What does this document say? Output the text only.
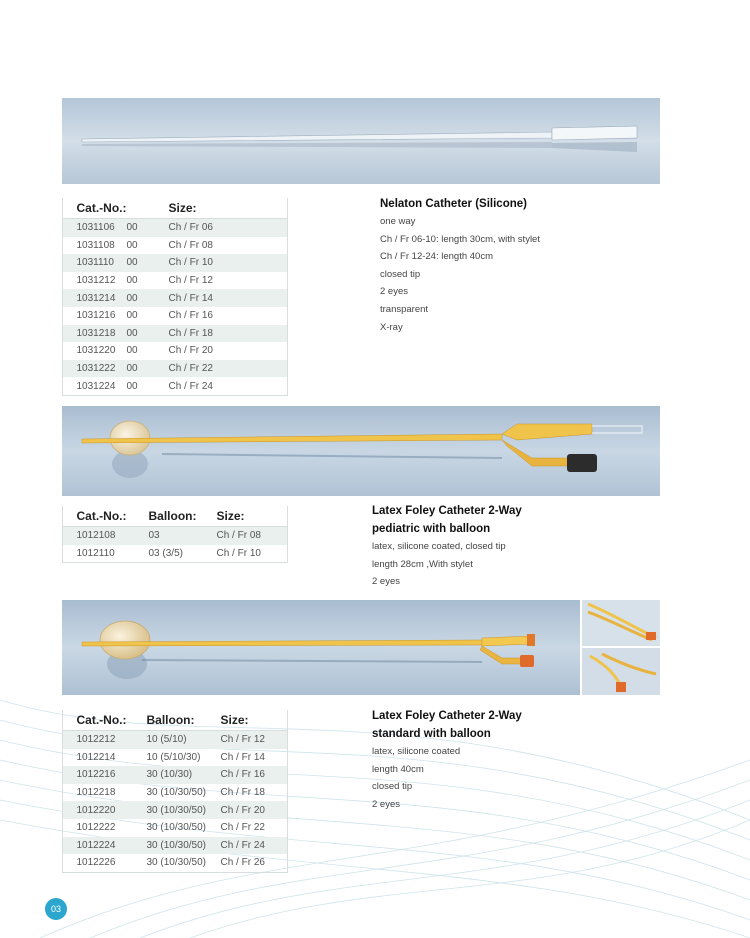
	Cat.-No.:		Size:
	1031106	00	Ch / Fr 06
	1031108	00	Ch / Fr 08
	1031110	00	Ch / Fr 10
	1031212	00	Ch / Fr 12
	1031214	00	Ch / Fr 14
	1031216	00	Ch / Fr 16
	1031218	00	Ch / Fr 18
	1031220	00	Ch / Fr 20
	1031222	00	Ch / Fr 22
	1031224	00	Ch / Fr 24
Nelaton Catheter (Silicone)
one way
Ch / Fr 06-10: length 30cm, with stylet
Ch / Fr 12-24: length 40cm
closed tip
2 eyes
transparent
X-ray
	Cat.-No.:	Balloon:	Size:
	1012108	03	Ch / Fr 08
	1012110	03 (3/5)	Ch / Fr 10
Latex Foley Catheter 2-Way
pediatric with balloon
latex, silicone coated, closed tip
length 28cm ,With stylet
2 eyes
	Cat.-No.:	Balloon:	Size:
	1012212	10 (5/10)	Ch / Fr 12
	1012214	10 (5/10/30)	Ch / Fr 14
	1012216	30 (10/30)	Ch / Fr 16
	1012218	30 (10/30/50)	Ch / Fr 18
	1012220	30 (10/30/50)	Ch / Fr 20
	1012222	30 (10/30/50)	Ch / Fr 22
	1012224	30 (10/30/50)	Ch / Fr 24
	1012226	30 (10/30/50)	Ch / Fr 26
Latex Foley Catheter 2-Way
standard with balloon
latex, silicone coated
length 40cm
closed tip
2 eyes
03
